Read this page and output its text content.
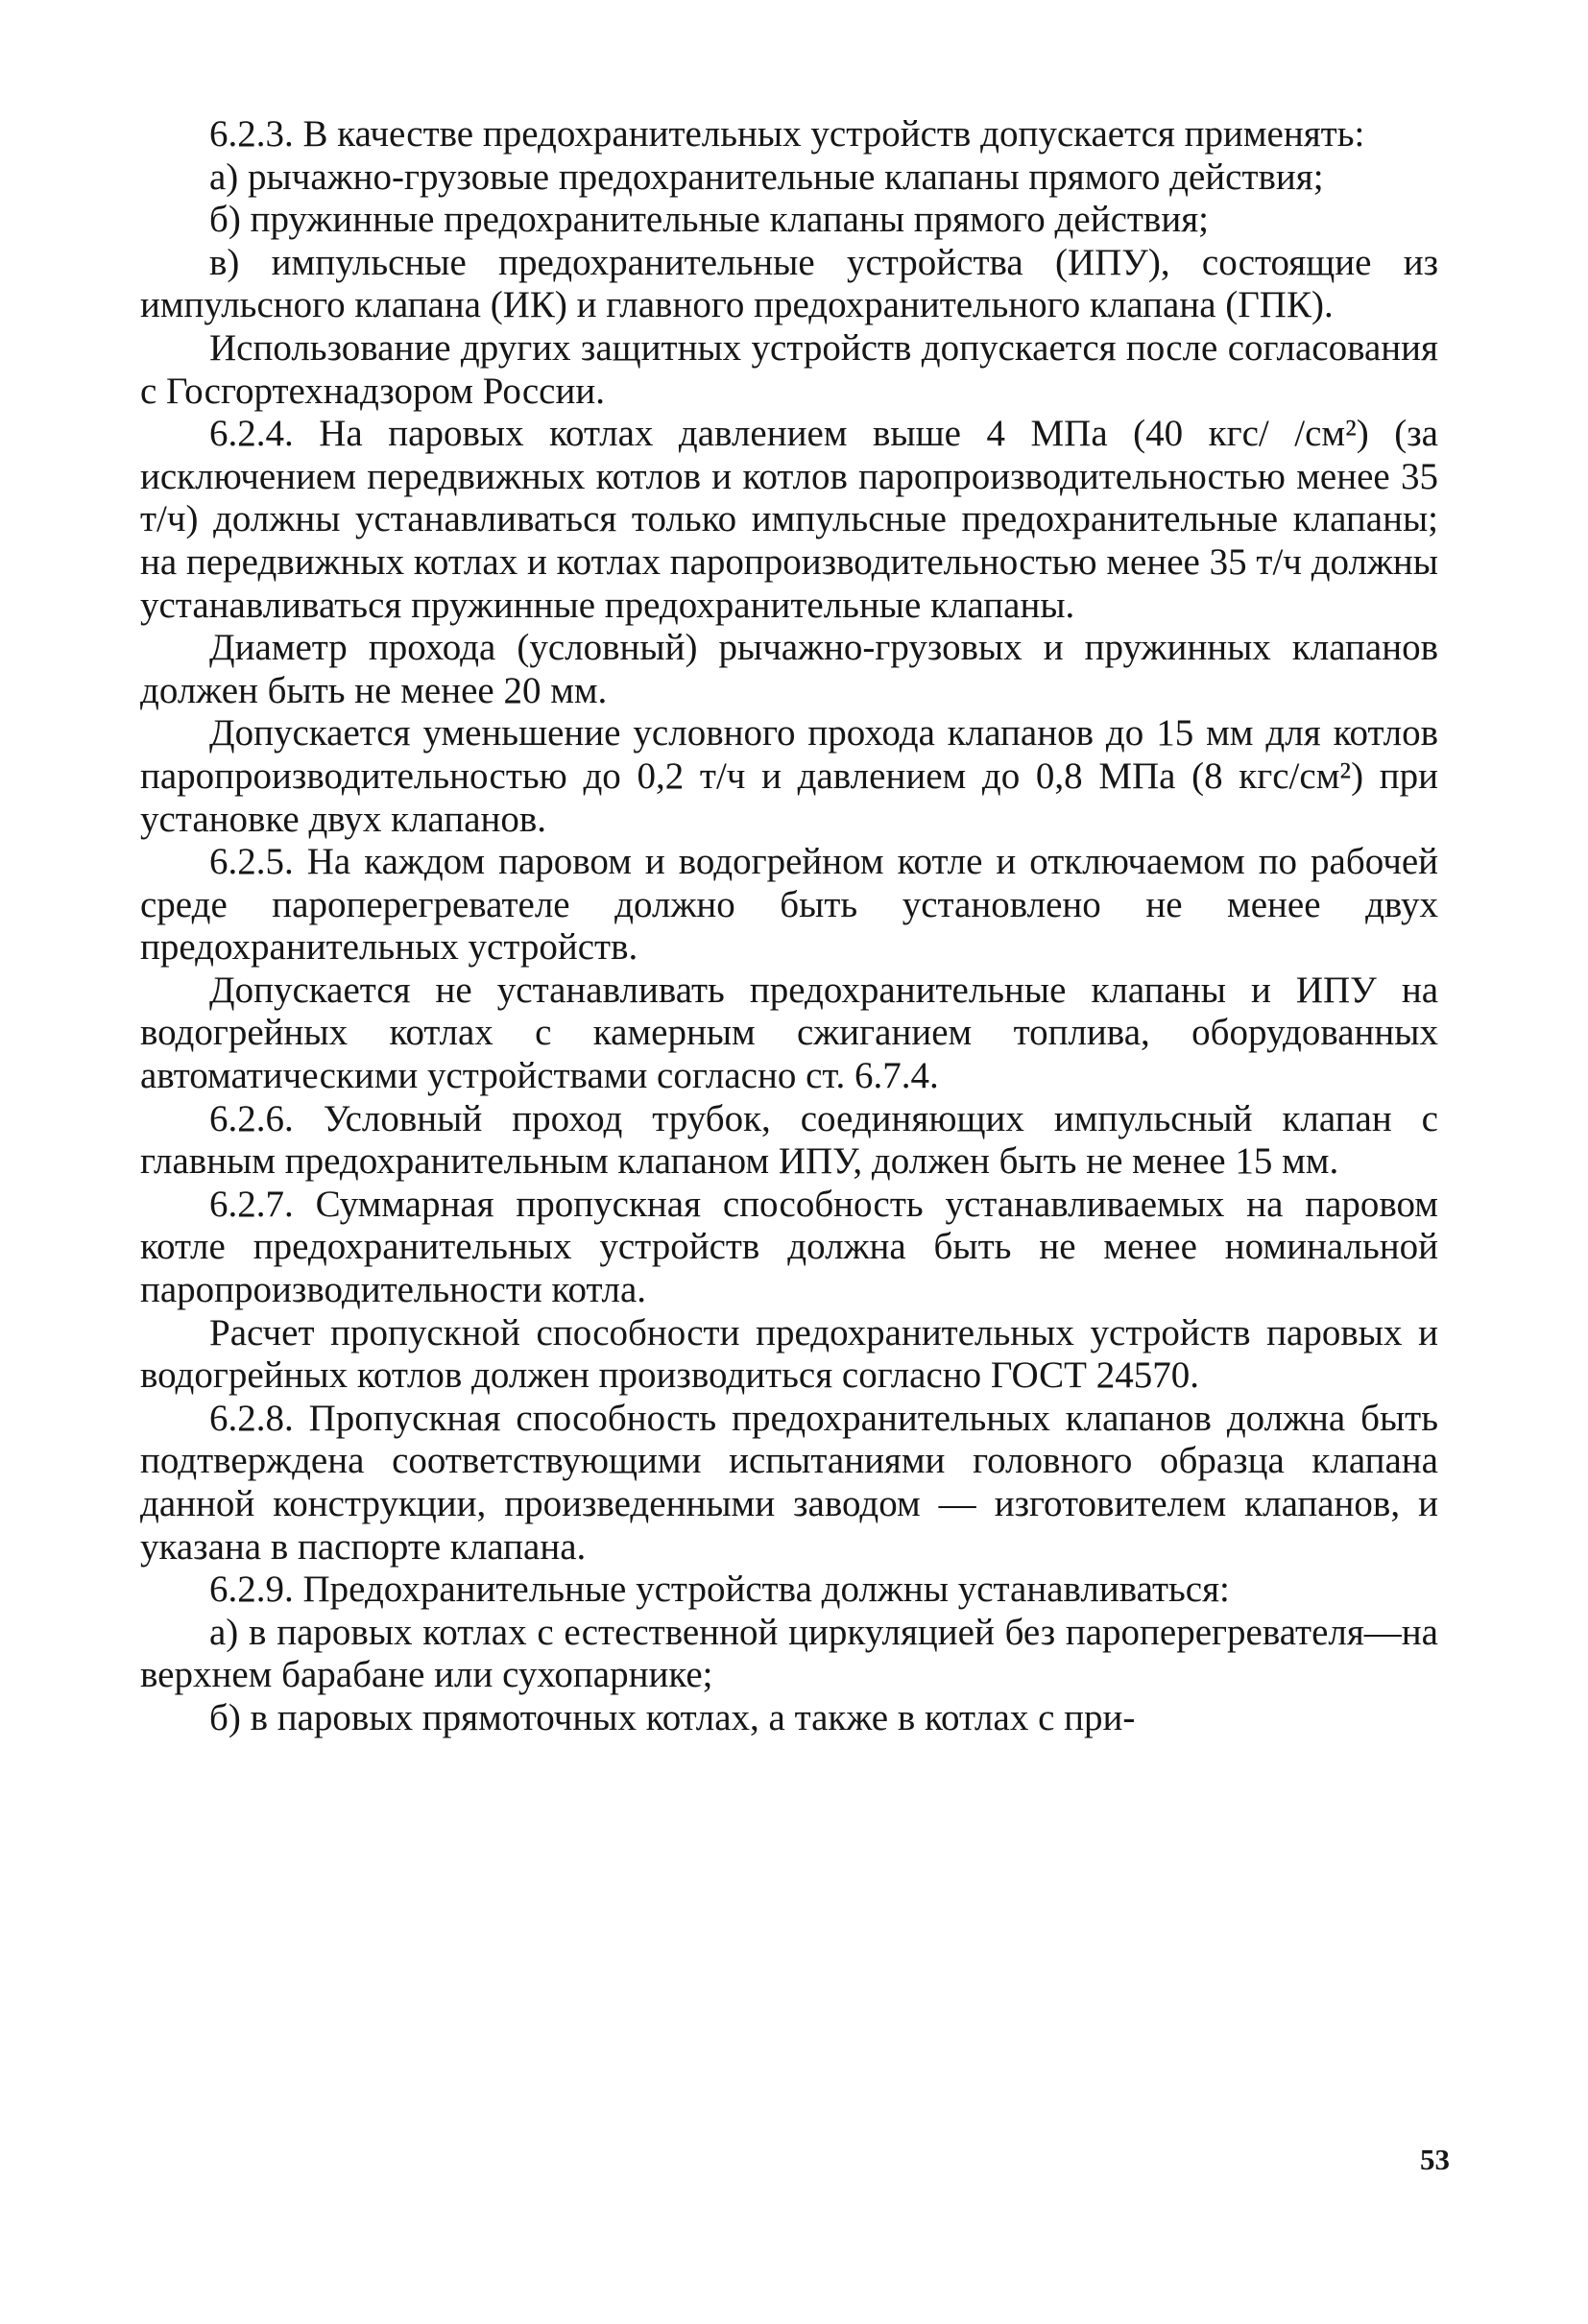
6.2.3. В качестве предохранительных устройств допускается применять:

а) рычажно-грузовые предохранительные клапаны прямого действия;

б) пружинные предохранительные клапаны прямого действия;

в) импульсные предохранительные устройства (ИПУ), состоящие из импульсного клапана (ИК) и главного предохранительного клапана (ГПК).

Использование других защитных устройств допускается после согласования с Госгортехнадзором России.

6.2.4. На паровых котлах давлением выше 4 МПа (40 кгс/ /см²) (за исключением передвижных котлов и котлов паропроизводительностью менее 35 т/ч) должны устанавливаться только импульсные предохранительные клапаны; на передвижных котлах и котлах паропроизводительностью менее 35 т/ч должны устанавливаться пружинные предохранительные клапаны.

Диаметр прохода (условный) рычажно-грузовых и пружинных клапанов должен быть не менее 20 мм.

Допускается уменьшение условного прохода клапанов до 15 мм для котлов паропроизводительностью до 0,2 т/ч и давлением до 0,8 МПа (8 кгс/см²) при установке двух клапанов.

6.2.5. На каждом паровом и водогрейном котле и отключаемом по рабочей среде пароперегревателе должно быть установлено не менее двух предохранительных устройств.

Допускается не устанавливать предохранительные клапаны и ИПУ на водогрейных котлах с камерным сжиганием топлива, оборудованных автоматическими устройствами согласно ст. 6.7.4.

6.2.6. Условный проход трубок, соединяющих импульсный клапан с главным предохранительным клапаном ИПУ, должен быть не менее 15 мм.

6.2.7. Суммарная пропускная способность устанавливаемых на паровом котле предохранительных устройств должна быть не менее номинальной паропроизводительности котла.

Расчет пропускной способности предохранительных устройств паровых и водогрейных котлов должен производиться согласно ГОСТ 24570.

6.2.8. Пропускная способность предохранительных клапанов должна быть подтверждена соответствующими испытаниями головного образца клапана данной конструкции, произведенными заводом — изготовителем клапанов, и указана в паспорте клапана.

6.2.9. Предохранительные устройства должны устанавливаться:

а) в паровых котлах с естественной циркуляцией без пароперегревателя—на верхнем барабане или сухопарнике;

б) в паровых прямоточных котлах, а также в котлах с при-

53
